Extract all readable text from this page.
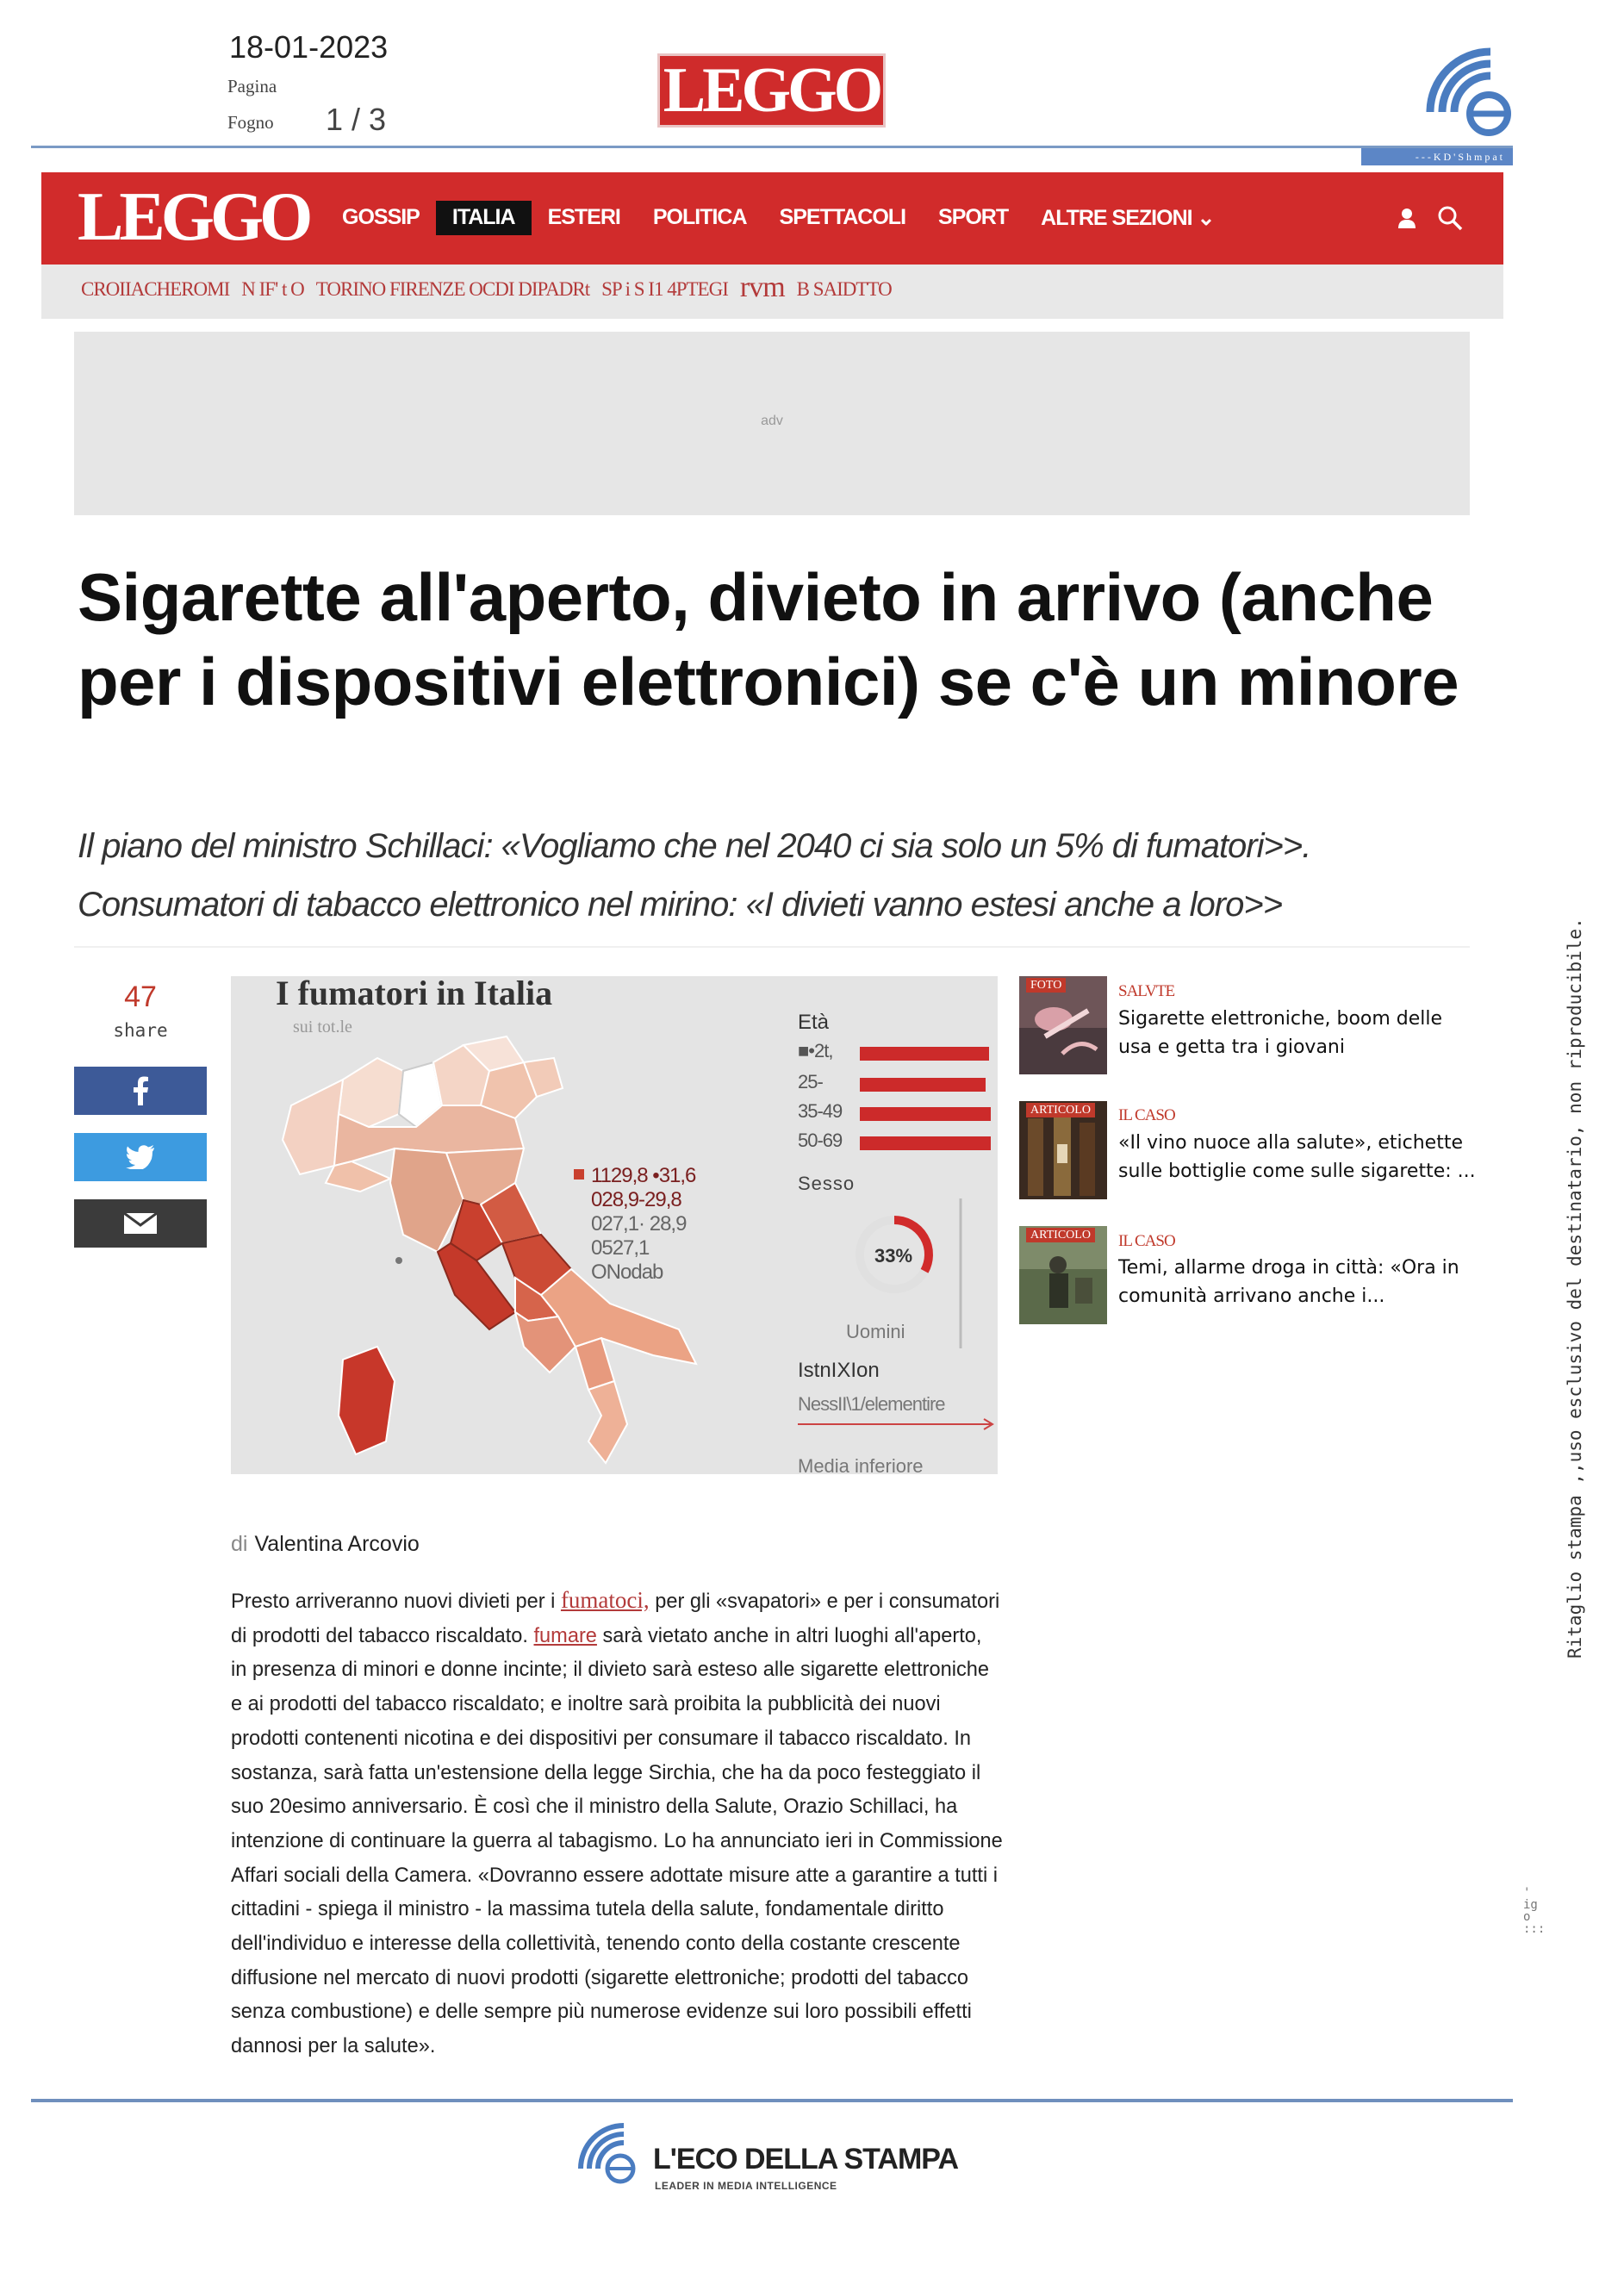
18-01-2023
Pagina
Fogno 1 / 3	LEGGO
- - - K D ' S h m p a t
LEGGO	GOSSIP	ITALIA	ESTERI	POLITICA	SPETTACOLI	SPORT	ALTRE SEZIONI ⌄
CROIIACHEROMI N IF' t O TORINO FIRENZE OCDI DIPADRt SP i S I1 4PTEGI rvm B SAIDTTO
adv
Sigarette all'aperto, divieto in arrivo (anche per i dispositivi elettronici) se c'è un minore
Il piano del ministro Schillaci: «Vogliamo che nel 2040 ci sia solo un 5% di fumatori>>.
Consumatori di tabacco elettronico nel mirino: «I divieti vanno estesi anche a loro>>
47
share
I fumatori in Italia
sui tot.le
1129,8 •31,6
028,9-29,8
027,1· 28,9
0527,1
ONodab
Età
■•2t,
25-
35-49
50-69
Sesso
33%
Uomini
IstnIXIon
NessII\1/elementire
Media inferiore
FOTO	SALVTE
Sigarette elettroniche, boom delle usa e getta tra i giovani
ARTICOLO IL CASO
«Il vino nuoce alla salute», etichette sulle bottiglie come sulle sigarette: ...
ARTICOLO IL CASO
Temi, allarme droga in città: «Ora in comunità arrivano anche i...
di Valentina Arcovio
Presto arriveranno nuovi divieti per i fumatoci, per gli «svapatori» e per i consumatori di prodotti del tabacco riscaldato. fumare sarà vietato anche in altri luoghi all'aperto, in presenza di minori e donne incinte; il divieto sarà esteso alle sigarette elettroniche e ai prodotti del tabacco riscaldato; e inoltre sarà proibita la pubblicità dei nuovi prodotti contenenti nicotina e dei dispositivi per consumare il tabacco riscaldato. In sostanza, sarà fatta un'estensione della legge Sirchia, che ha da poco festeggiato il suo 20esimo anniversario. È così che il ministro della Salute, Orazio Schillaci, ha intenzione di continuare la guerra al tabagismo. Lo ha annunciato ieri in Commissione Affari sociali della Camera. «Dovranno essere adottate misure atte a garantire a tutti i cittadini - spiega il ministro - la massima tutela della salute, fondamentale diritto dell'individuo e interesse della collettività, tenendo conto della costante crescente diffusione nel mercato di nuovi prodotti (sigarette elettroniche; prodotti del tabacco senza combustione) e delle sempre più numerose evidenze sui loro possibili effetti dannosi per la salute».
L'ECO DELLA STAMPA
LEADER IN MEDIA INTELLIGENCE
Ritaglio stampa ,,uso esclusivo del destinatario, non riproducibile.
'
ig
o
:::
